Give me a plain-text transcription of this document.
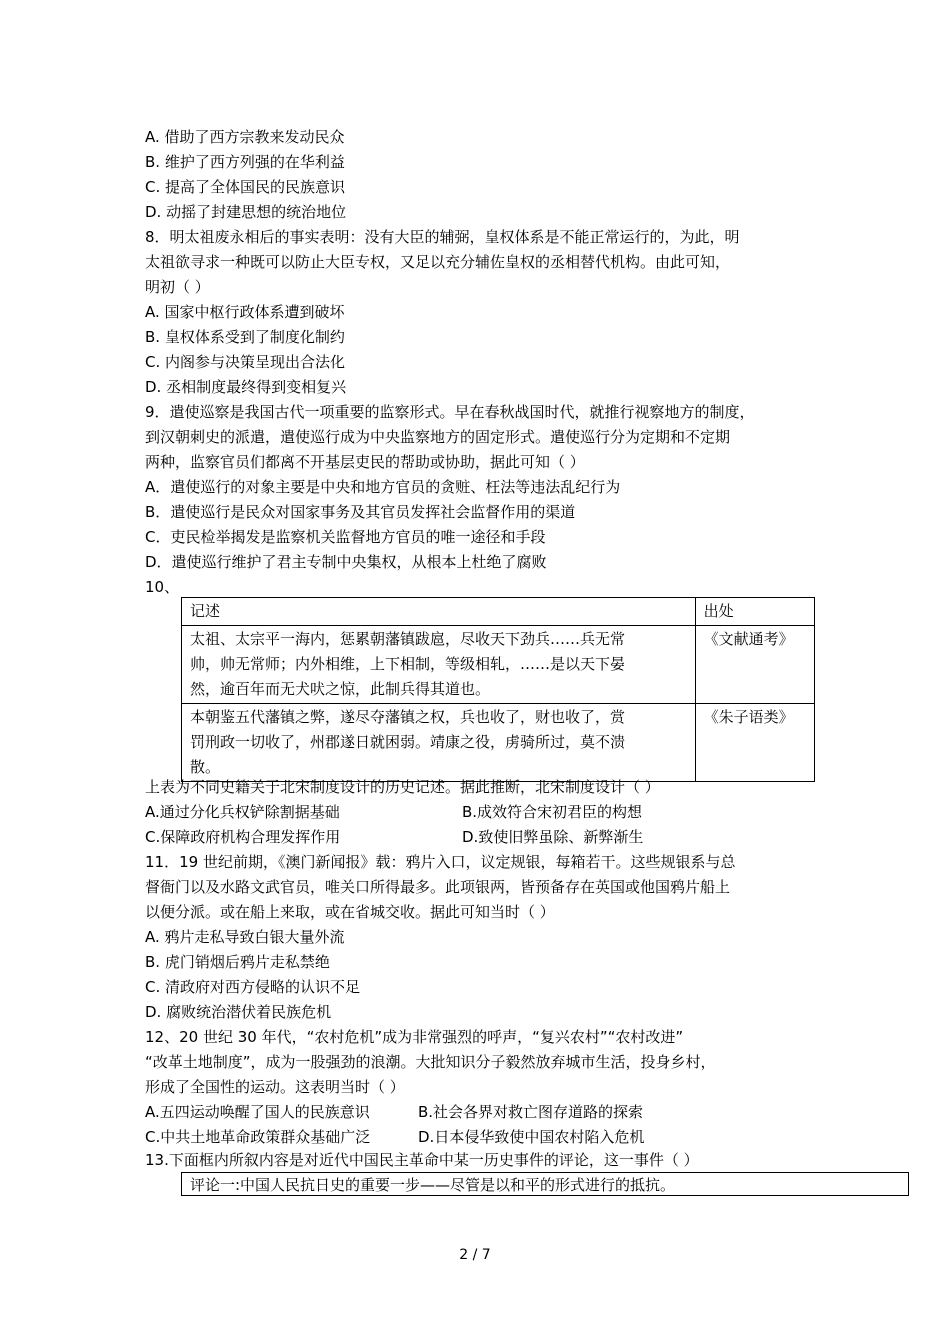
A. 借助了西方宗教来发动民众
B. 维护了西方列强的在华利益
C. 提高了全体国民的民族意识
D. 动摇了封建思想的统治地位
8．明太祖废永相后的事实表明：没有大臣的辅弼，皇权体系是不能正常运行的，为此，明
太祖欲寻求一种既可以防止大臣专权，又足以充分辅佐皇权的丞相替代机构。由此可知，
明初（ ）
A. 国家中枢行政体系遭到破坏
B. 皇权体系受到了制度化制约
C. 内阁参与决策呈现出合法化
D. 丞相制度最终得到变相复兴
9．遣使巡察是我国古代一项重要的监察形式。早在春秋战国时代，就推行视察地方的制度，
到汉朝刺史的派遣，遣使巡行成为中央监察地方的固定形式。遣使巡行分为定期和不定期
两种，监察官员们都离不开基层吏民的帮助或协助，据此可知（ ）
A．遣使巡行的对象主要是中央和地方官员的贪赃、枉法等违法乱纪行为
B．遣使巡行是民众对国家事务及其官员发挥社会监督作用的渠道
C．吏民检举揭发是监察机关监督地方官员的唯一途径和手段
D．遣使巡行维护了君主专制中央集权，从根本上杜绝了腐败
10、
记述	出处

太祖、太宗平一海内，惩累朝藩镇跋扈，尽收天下劲兵……兵无常
帅，帅无常师；内外相维，上下相制，等级相轧，……是以天下晏
然，逾百年而无犬吠之惊，此制兵得其道也。	《文献通考》

本朝鉴五代藩镇之弊，遂尽夺藩镇之权，兵也收了，财也收了，赏
罚刑政一切收了，州郡遂日就困弱。靖康之役，虏骑所过，莫不溃
散。	《朱子语类》
上表为不同史籍关于北宋制度设计的历史记述。据此推断，北宋制度设计（ ）
A.通过分化兵权铲除割据基础	B.成效符合宋初君臣的构想
C.保障政府机构合理发挥作用	D.致使旧弊虽除、新弊渐生
11．19 世纪前期，《澳门新闻报》载：鸦片入口，议定规银，每箱若干。这些规银系与总
督衙门以及水路文武官员，唯关口所得最多。此项银两，皆预备存在英国或他国鸦片船上
以便分派。或在船上来取，或在省城交收。据此可知当时（ ）
A. 鸦片走私导致白银大量外流
B. 虎门销烟后鸦片走私禁绝
C. 清政府对西方侵略的认识不足
D. 腐败统治潜伏着民族危机
12、20 世纪 30 年代，“农村危机”成为非常强烈的呼声，“复兴农村”“农村改进”
“改革土地制度”，成为一股强劲的浪潮。大批知识分子毅然放弃城市生活，投身乡村，
形成了全国性的运动。这表明当时（ ）
A.五四运动唤醒了国人的民族意识	B.社会各界对救亡图存道路的探索
C.中共土地革命政策群众基础广泛	D.日本侵华致使中国农村陷入危机
13.下面框内所叙内容是对近代中国民主革命中某一历史事件的评论，这一事件（ ）
评论一:中国人民抗日史的重要一步——尽管是以和平的形式进行的抵抗。
2 / 7
